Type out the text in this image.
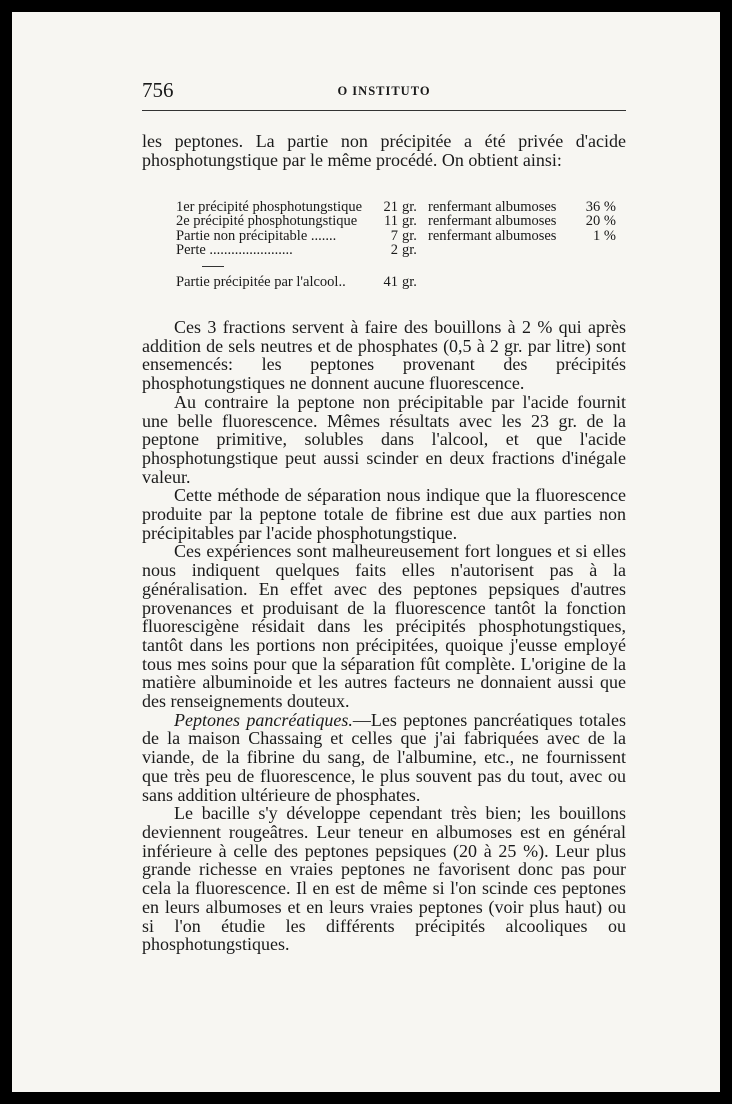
756	O INSTITUTO

les peptones. La partie non précipitée a été privée d'acide phosphotungstique par le même procédé. On obtient ainsi:

1er précipité phosphotungstique 21 gr. renfermant albumoses 36 %
2e précipité phosphotungstique 11 gr. renfermant albumoses 20 %
Partie non précipitable .......	7 gr. renfermant albumoses	1 %
Perte .......................	2 gr.
Partie précipitée par l'alcool..	41 gr.

Ces 3 fractions servent à faire des bouillons à 2 % qui après addition de sels neutres et de phosphates (0,5 à 2 gr. par litre) sont ensemencés: les peptones provenant des précipités phosphotungstiques ne donnent aucune fluorescence.

Au contraire la peptone non précipitable par l'acide fournit une belle fluorescence. Mêmes résultats avec les 23 gr. de la peptone primitive, solubles dans l'alcool, et que l'acide phosphotungstique peut aussi scinder en deux fractions d'inégale valeur.

Cette méthode de séparation nous indique que la fluorescence produite par la peptone totale de fibrine est due aux parties non précipitables par l'acide phosphotungstique.

Ces expériences sont malheureusement fort longues et si elles nous indiquent quelques faits elles n'autorisent pas à la généralisation. En effet avec des peptones pepsiques d'autres provenances et produisant de la fluorescence tantôt la fonction fluorescigène résidait dans les précipités phosphotungstiques, tantôt dans les portions non précipitées, quoique j'eusse employé tous mes soins pour que la séparation fût complète. L'origine de la matière albuminoide et les autres facteurs ne donnaient aussi que des renseignements douteux.

Peptones pancréatiques.—Les peptones pancréatiques totales de la maison Chassaing et celles que j'ai fabriquées avec de la viande, de la fibrine du sang, de l'albumine, etc., ne fournissent que très peu de fluorescence, le plus souvent pas du tout, avec ou sans addition ultérieure de phosphates.

Le bacille s'y développe cependant très bien; les bouillons deviennent rougeâtres. Leur teneur en albumoses est en général inférieure à celle des peptones pepsiques (20 à 25 %). Leur plus grande richesse en vraies peptones ne favorisent donc pas pour cela la fluorescence. Il en est de même si l'on scinde ces peptones en leurs albumoses et en leurs vraies peptones (voir plus haut) ou si l'on étudie les différents précipités alcooliques ou phosphotungstiques.
